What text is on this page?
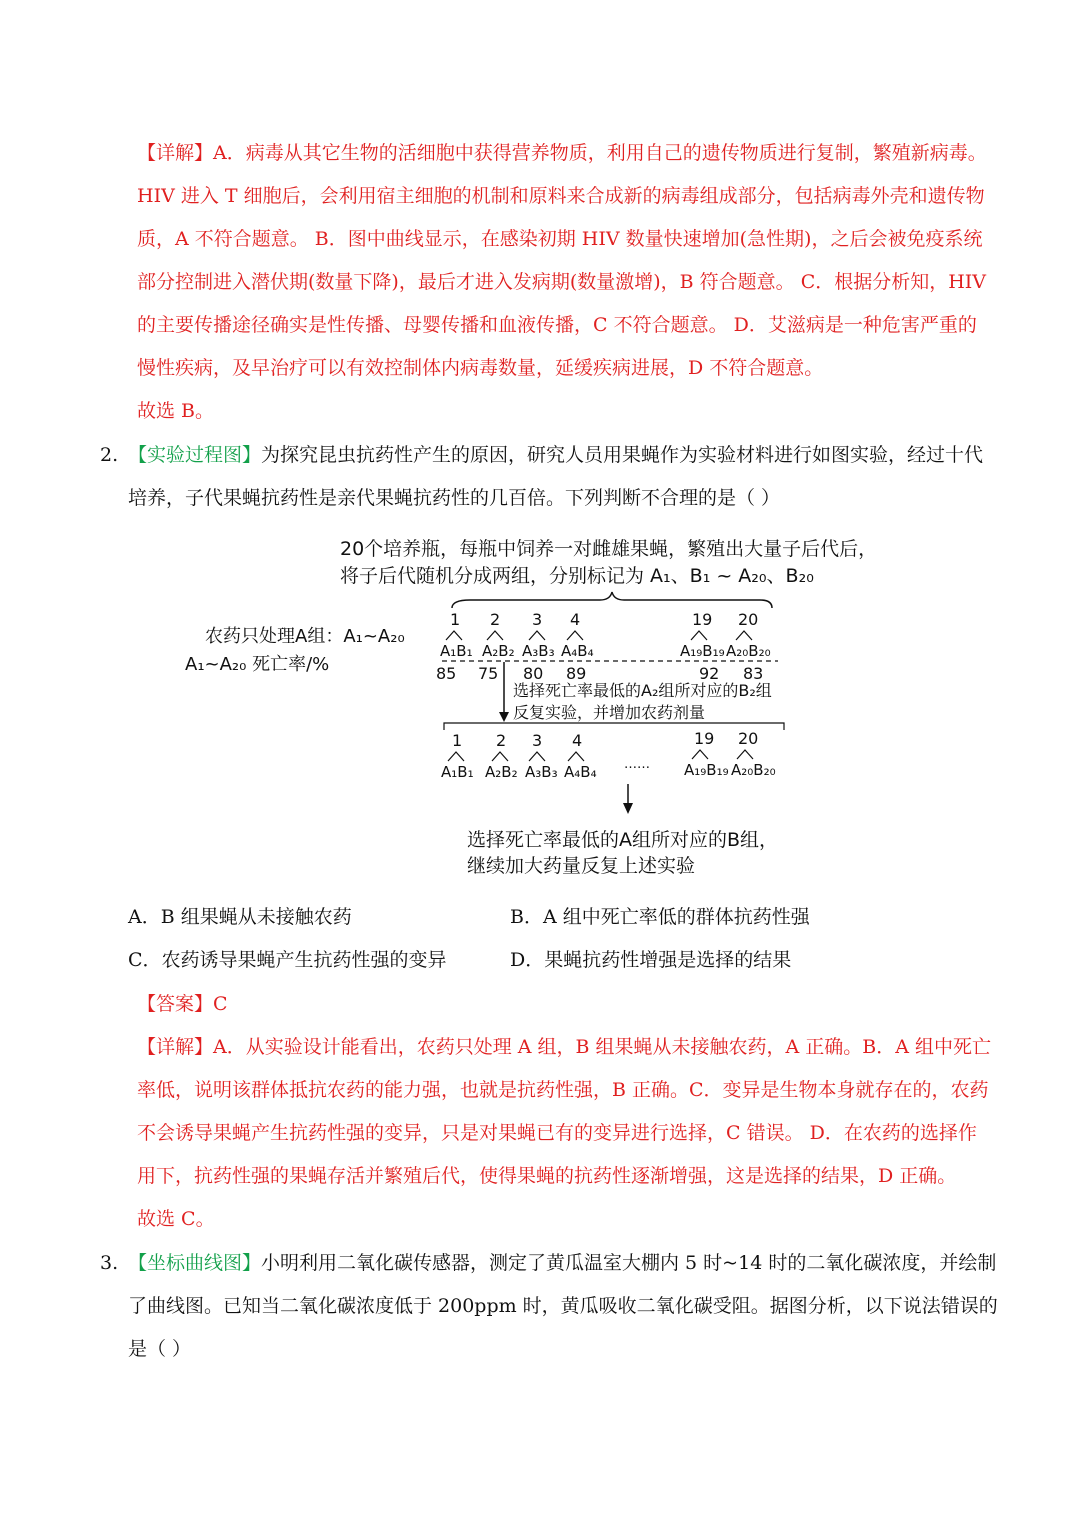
【详解】A．病毒从其它生物的活细胞中获得营养物质，利用自己的遗传物质进行复制，繁殖新病毒。
HIV 进入 T 细胞后，会利用宿主细胞的机制和原料来合成新的病毒组成部分，包括病毒外壳和遗传物
质，A 不符合题意。 B．图中曲线显示，在感染初期 HIV 数量快速增加(急性期)，之后会被免疫系统
部分控制进入潜伏期(数量下降)，最后才进入发病期(数量激增)，B 符合题意。 C．根据分析知，HIV
的主要传播途径确实是性传播、母婴传播和血液传播，C 不符合题意。 D．艾滋病是一种危害严重的
慢性疾病，及早治疗可以有效控制体内病毒数量，延缓疾病进展，D 不符合题意。
故选 B。
2. 【实验过程图】为探究昆虫抗药性产生的原因，研究人员用果蝇作为实验材料进行如图实验，经过十代
培养，子代果蝇抗药性是亲代果蝇抗药性的几百倍。下列判断不合理的是（ ）
20个培养瓶，每瓶中饲养一对雌雄果蝇，繁殖出大量子后代后，
将子后代随机分成两组，分别标记为 A₁、B₁ ~ A₂₀、B₂₀
农药只处理A组：A₁~A₂₀
A₁~A₂₀ 死亡率/%
1 2 3 4	19 20
A₁B₁ A₂B₂ A₃B₃ A₄B₄	A₁₉B₁₉ A₂₀B₂₀
85 75 80 89	92 83
选择死亡率最低的A₂组所对应的B₂组
反复实验，并增加农药剂量
1 2 3 4	19 20
A₁B₁ A₂B₂ A₃B₃ A₄B₄ …… A₁₉B₁₉ A₂₀B₂₀
选择死亡率最低的A组所对应的B组，
继续加大药量反复上述实验
A．B 组果蝇从未接触农药	B．A 组中死亡率低的群体抗药性强
C．农药诱导果蝇产生抗药性强的变异	D．果蝇抗药性增强是选择的结果
【答案】C
【详解】A．从实验设计能看出，农药只处理 A 组，B 组果蝇从未接触农药，A 正确。B．A 组中死亡
率低，说明该群体抵抗农药的能力强，也就是抗药性强，B 正确。C．变异是生物本身就存在的，农药
不会诱导果蝇产生抗药性强的变异，只是对果蝇已有的变异进行选择，C 错误。 D．在农药的选择作
用下，抗药性强的果蝇存活并繁殖后代，使得果蝇的抗药性逐渐增强，这是选择的结果，D 正确。
故选 C。
3. 【坐标曲线图】小明利用二氧化碳传感器，测定了黄瓜温室大棚内 5 时~14 时的二氧化碳浓度，并绘制
了曲线图。已知当二氧化碳浓度低于 200ppm 时，黄瓜吸收二氧化碳受阻。据图分析，以下说法错误的
是（ ）
